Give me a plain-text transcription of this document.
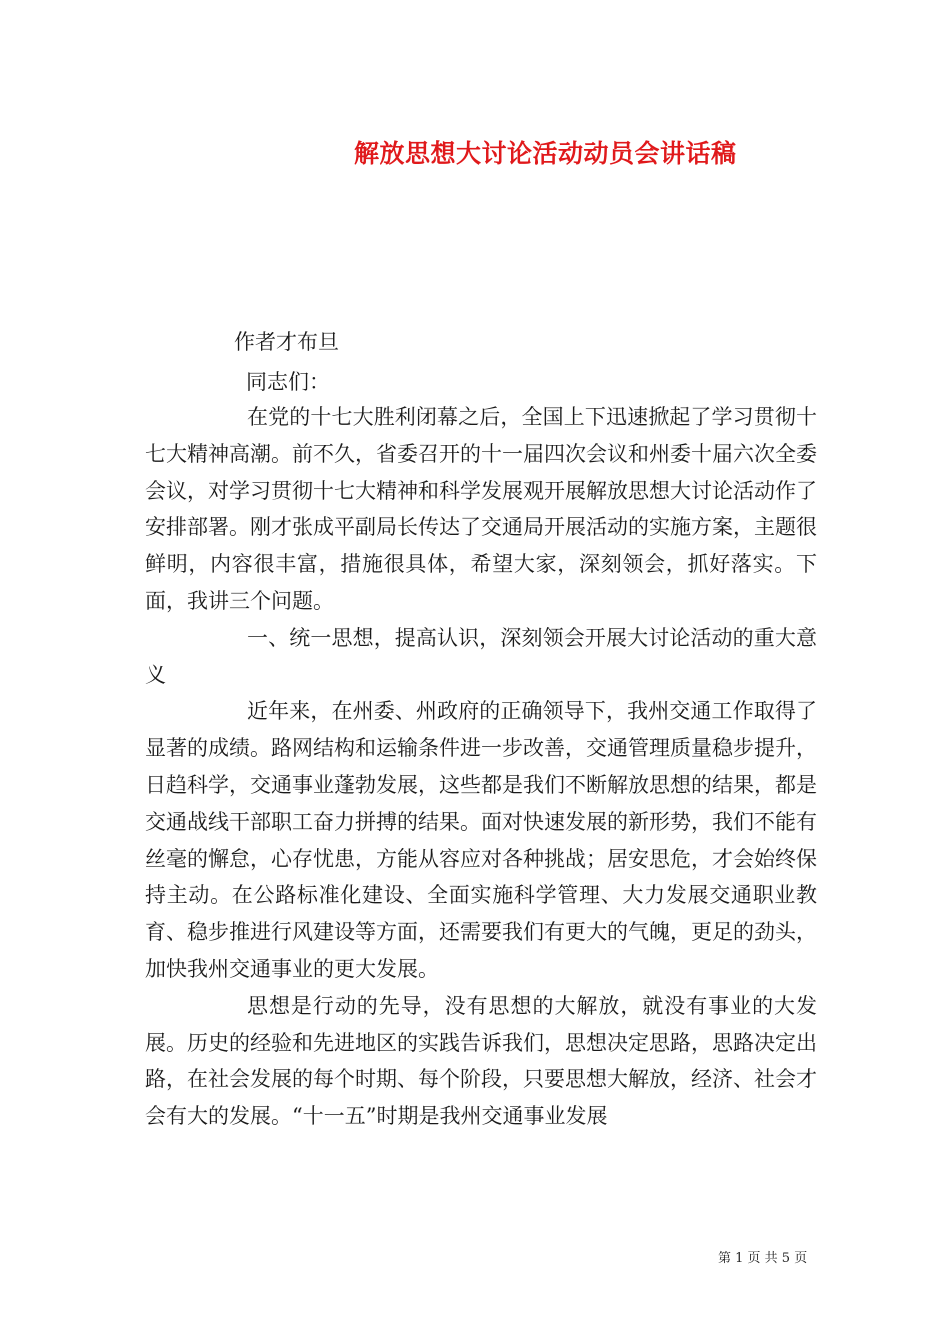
解放思想大讨论活动动员会讲话稿
作者才布旦
同志们：

在党的十七大胜利闭幕之后，全国上下迅速掀起了学习贯彻十七大精神高潮。前不久，省委召开的十一届四次会议和州委十届六次全委会议，对学习贯彻十七大精神和科学发展观开展解放思想大讨论活动作了安排部署。刚才张成平副局长传达了交通局开展活动的实施方案，主题很鲜明，内容很丰富，措施很具体，希望大家，深刻领会，抓好落实。下面，我讲三个问题。

一、统一思想，提高认识，深刻领会开展大讨论活动的重大意义

近年来，在州委、州政府的正确领导下，我州交通工作取得了显著的成绩。路网结构和运输条件进一步改善，交通管理质量稳步提升，日趋科学，交通事业蓬勃发展，这些都是我们不断解放思想的结果，都是交通战线干部职工奋力拼搏的结果。面对快速发展的新形势，我们不能有丝毫的懈怠，心存忧患，方能从容应对各种挑战；居安思危，才会始终保持主动。在公路标准化建设、全面实施科学管理、大力发展交通职业教育、稳步推进行风建设等方面，还需要我们有更大的气魄，更足的劲头，加快我州交通事业的更大发展。

思想是行动的先导，没有思想的大解放，就没有事业的大发展。历史的经验和先进地区的实践告诉我们，思想决定思路，思路决定出路，在社会发展的每个时期、每个阶段，只要思想大解放，经济、社会才会有大的发展。“十一五”时期是我州交通事业发展

第 1 页 共 5 页
